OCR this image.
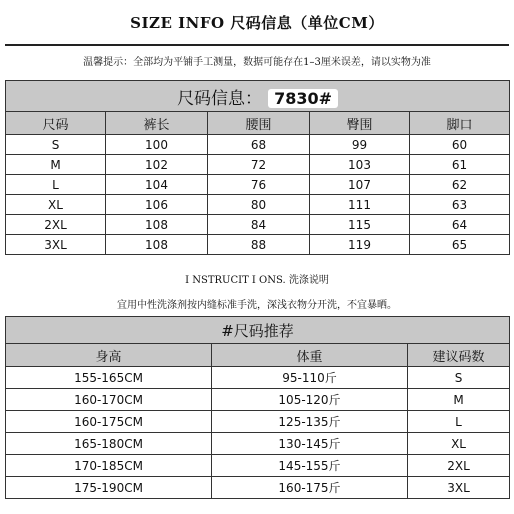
SIZE INFO 尺码信息（单位CM）
温馨提示：全部均为平铺手工测量，数据可能存在1–3厘米误差，请以实物为准
尺码信息： 7830#				
尺码	裤长	腰围	臀围	脚口
S	100	68	99	60
M	102	72	103	61
L	104	76	107	62
XL	106	80	111	63
2XL	108	84	115	64
3XL	108	88	119	65
I NSTRUCIT I ONS. 洗涤说明
宜用中性洗涤剂按内缝标准手洗，深浅衣物分开洗，不宜暴晒。
#尺码推荐		
身高	体重	建议码数
155-165CM	95-110斤	S
160-170CM	105-120斤	M
160-175CM	125-135斤	L
165-180CM	130-145斤	XL
170-185CM	145-155斤	2XL
175-190CM	160-175斤	3XL
